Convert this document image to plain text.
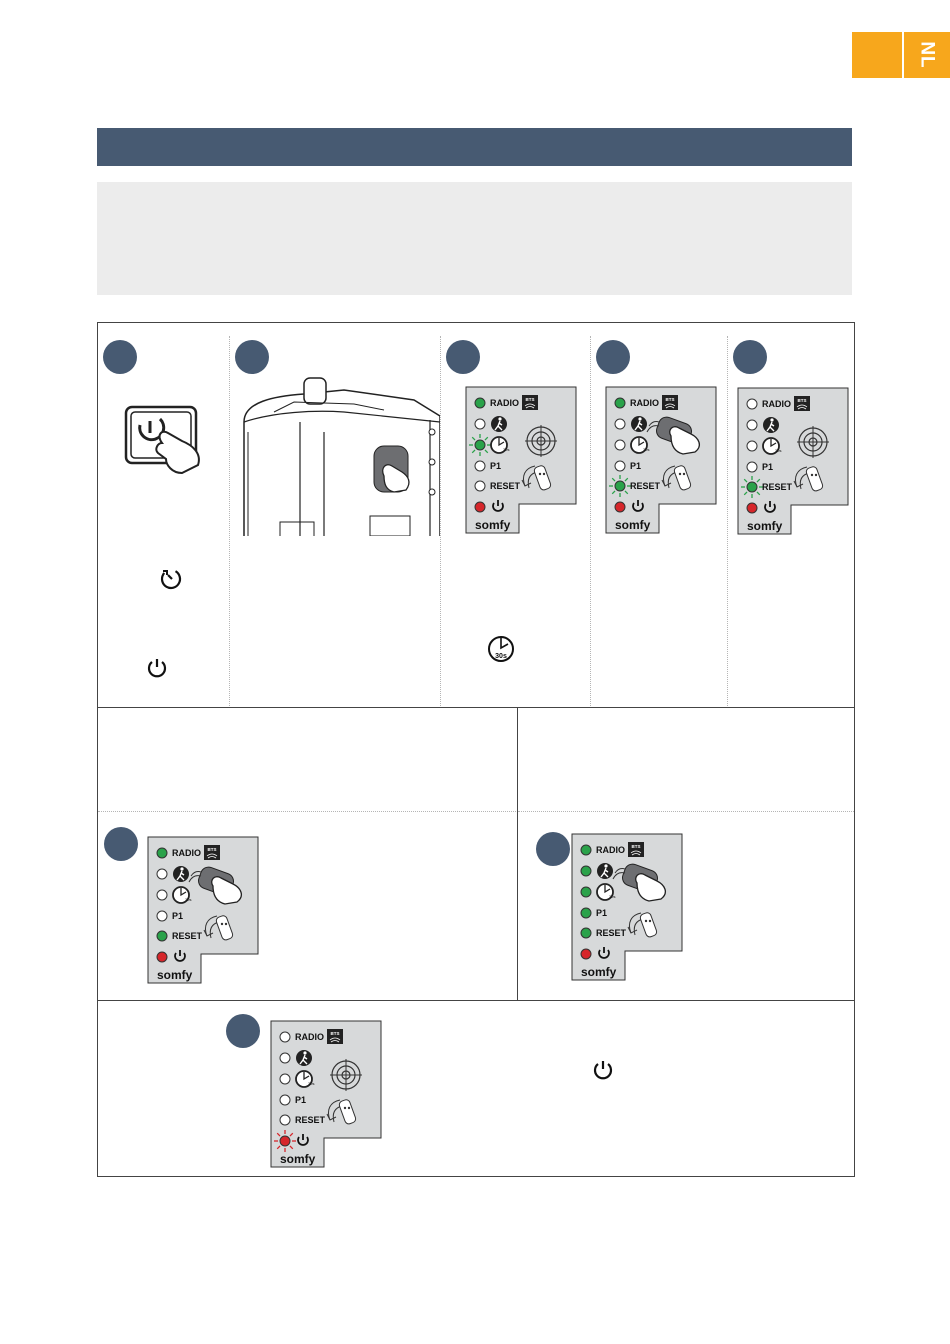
NL
30s
RADIO BTS
30s
P1
RESET
somfy
RADIO BTS
30s
P1
RESET
somfy
RADIO BTS
30s
P1
RESET
somfy
RADIO BTS
30s
P1
RESET
somfy
RADIO BTS
30s
P1
RESET
somfy
RADIO BTS
30s
P1
RESET
somfy
